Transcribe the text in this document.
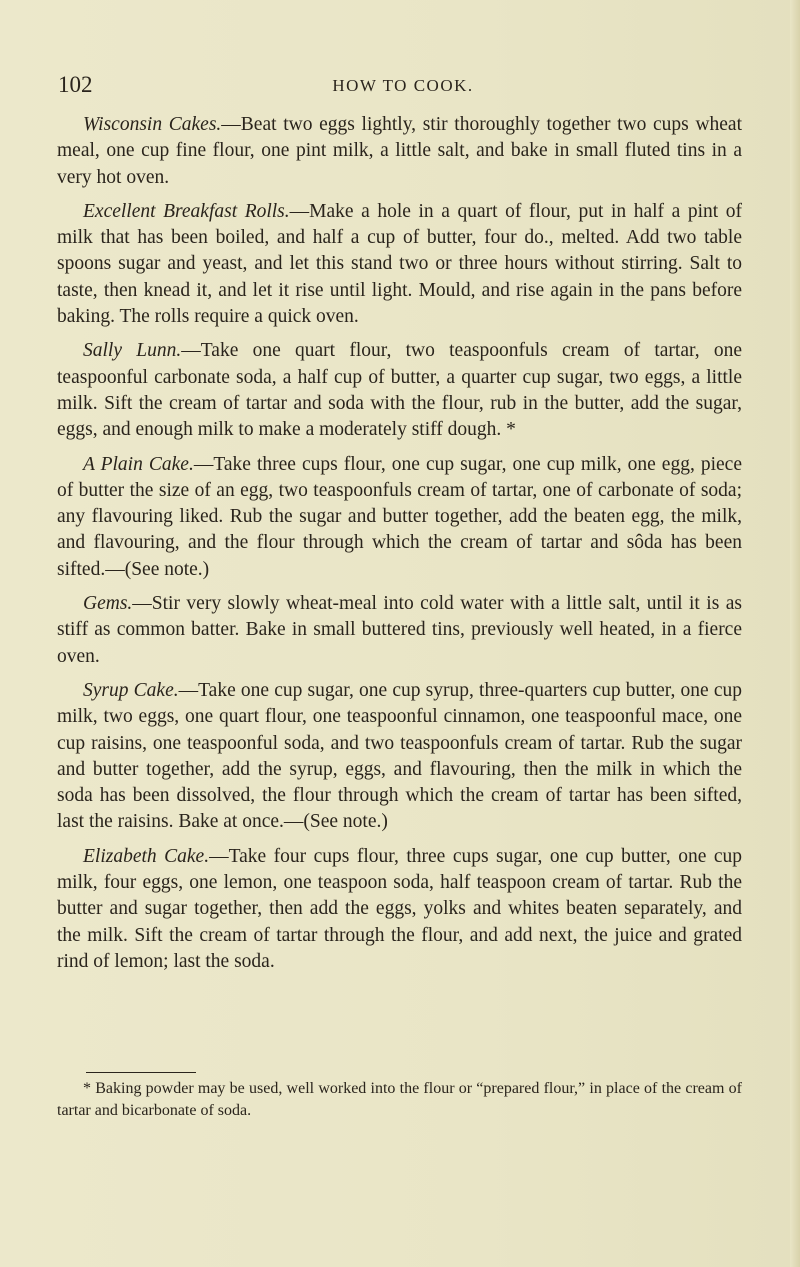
102	HOW TO COOK.

Wisconsin Cakes.—Beat two eggs lightly, stir thoroughly together two cups wheat meal, one cup fine flour, one pint milk, a little salt, and bake in small fluted tins in a very hot oven.

Excellent Breakfast Rolls.—Make a hole in a quart of flour, put in half a pint of milk that has been boiled, and half a cup of butter, four do., melted. Add two table spoons sugar and yeast, and let this stand two or three hours without stirring. Salt to taste, then knead it, and let it rise until light. Mould, and rise again in the pans before baking. The rolls require a quick oven.

Sally Lunn.—Take one quart flour, two teaspoonfuls cream of tartar, one teaspoonful carbonate soda, a half cup of butter, a quarter cup sugar, two eggs, a little milk. Sift the cream of tartar and soda with the flour, rub in the butter, add the sugar, eggs, and enough milk to make a moderately stiff dough. *

A Plain Cake.—Take three cups flour, one cup sugar, one cup milk, one egg, piece of butter the size of an egg, two teaspoonfuls cream of tartar, one of carbonate of soda; any flavouring liked. Rub the sugar and butter together, add the beaten egg, the milk, and flavouring, and the flour through which the cream of tartar and sôda has been sifted.—(See note.)

Gems.—Stir very slowly wheat-meal into cold water with a little salt, until it is as stiff as common batter. Bake in small buttered tins, previously well heated, in a fierce oven.

Syrup Cake.—Take one cup sugar, one cup syrup, three-quarters cup butter, one cup milk, two eggs, one quart flour, one teaspoonful cinnamon, one teaspoonful mace, one cup raisins, one teaspoonful soda, and two teaspoonfuls cream of tartar. Rub the sugar and butter together, add the syrup, eggs, and flavouring, then the milk in which the soda has been dissolved, the flour through which the cream of tartar has been sifted, last the raisins. Bake at once.—(See note.)

Elizabeth Cake.—Take four cups flour, three cups sugar, one cup butter, one cup milk, four eggs, one lemon, one teaspoon soda, half teaspoon cream of tartar. Rub the butter and sugar together, then add the eggs, yolks and whites beaten separately, and the milk. Sift the cream of tartar through the flour, and add next, the juice and grated rind of lemon; last the soda.

* Baking powder may be used, well worked into the flour or “prepared flour,” in place of the cream of tartar and bicarbonate of soda.
